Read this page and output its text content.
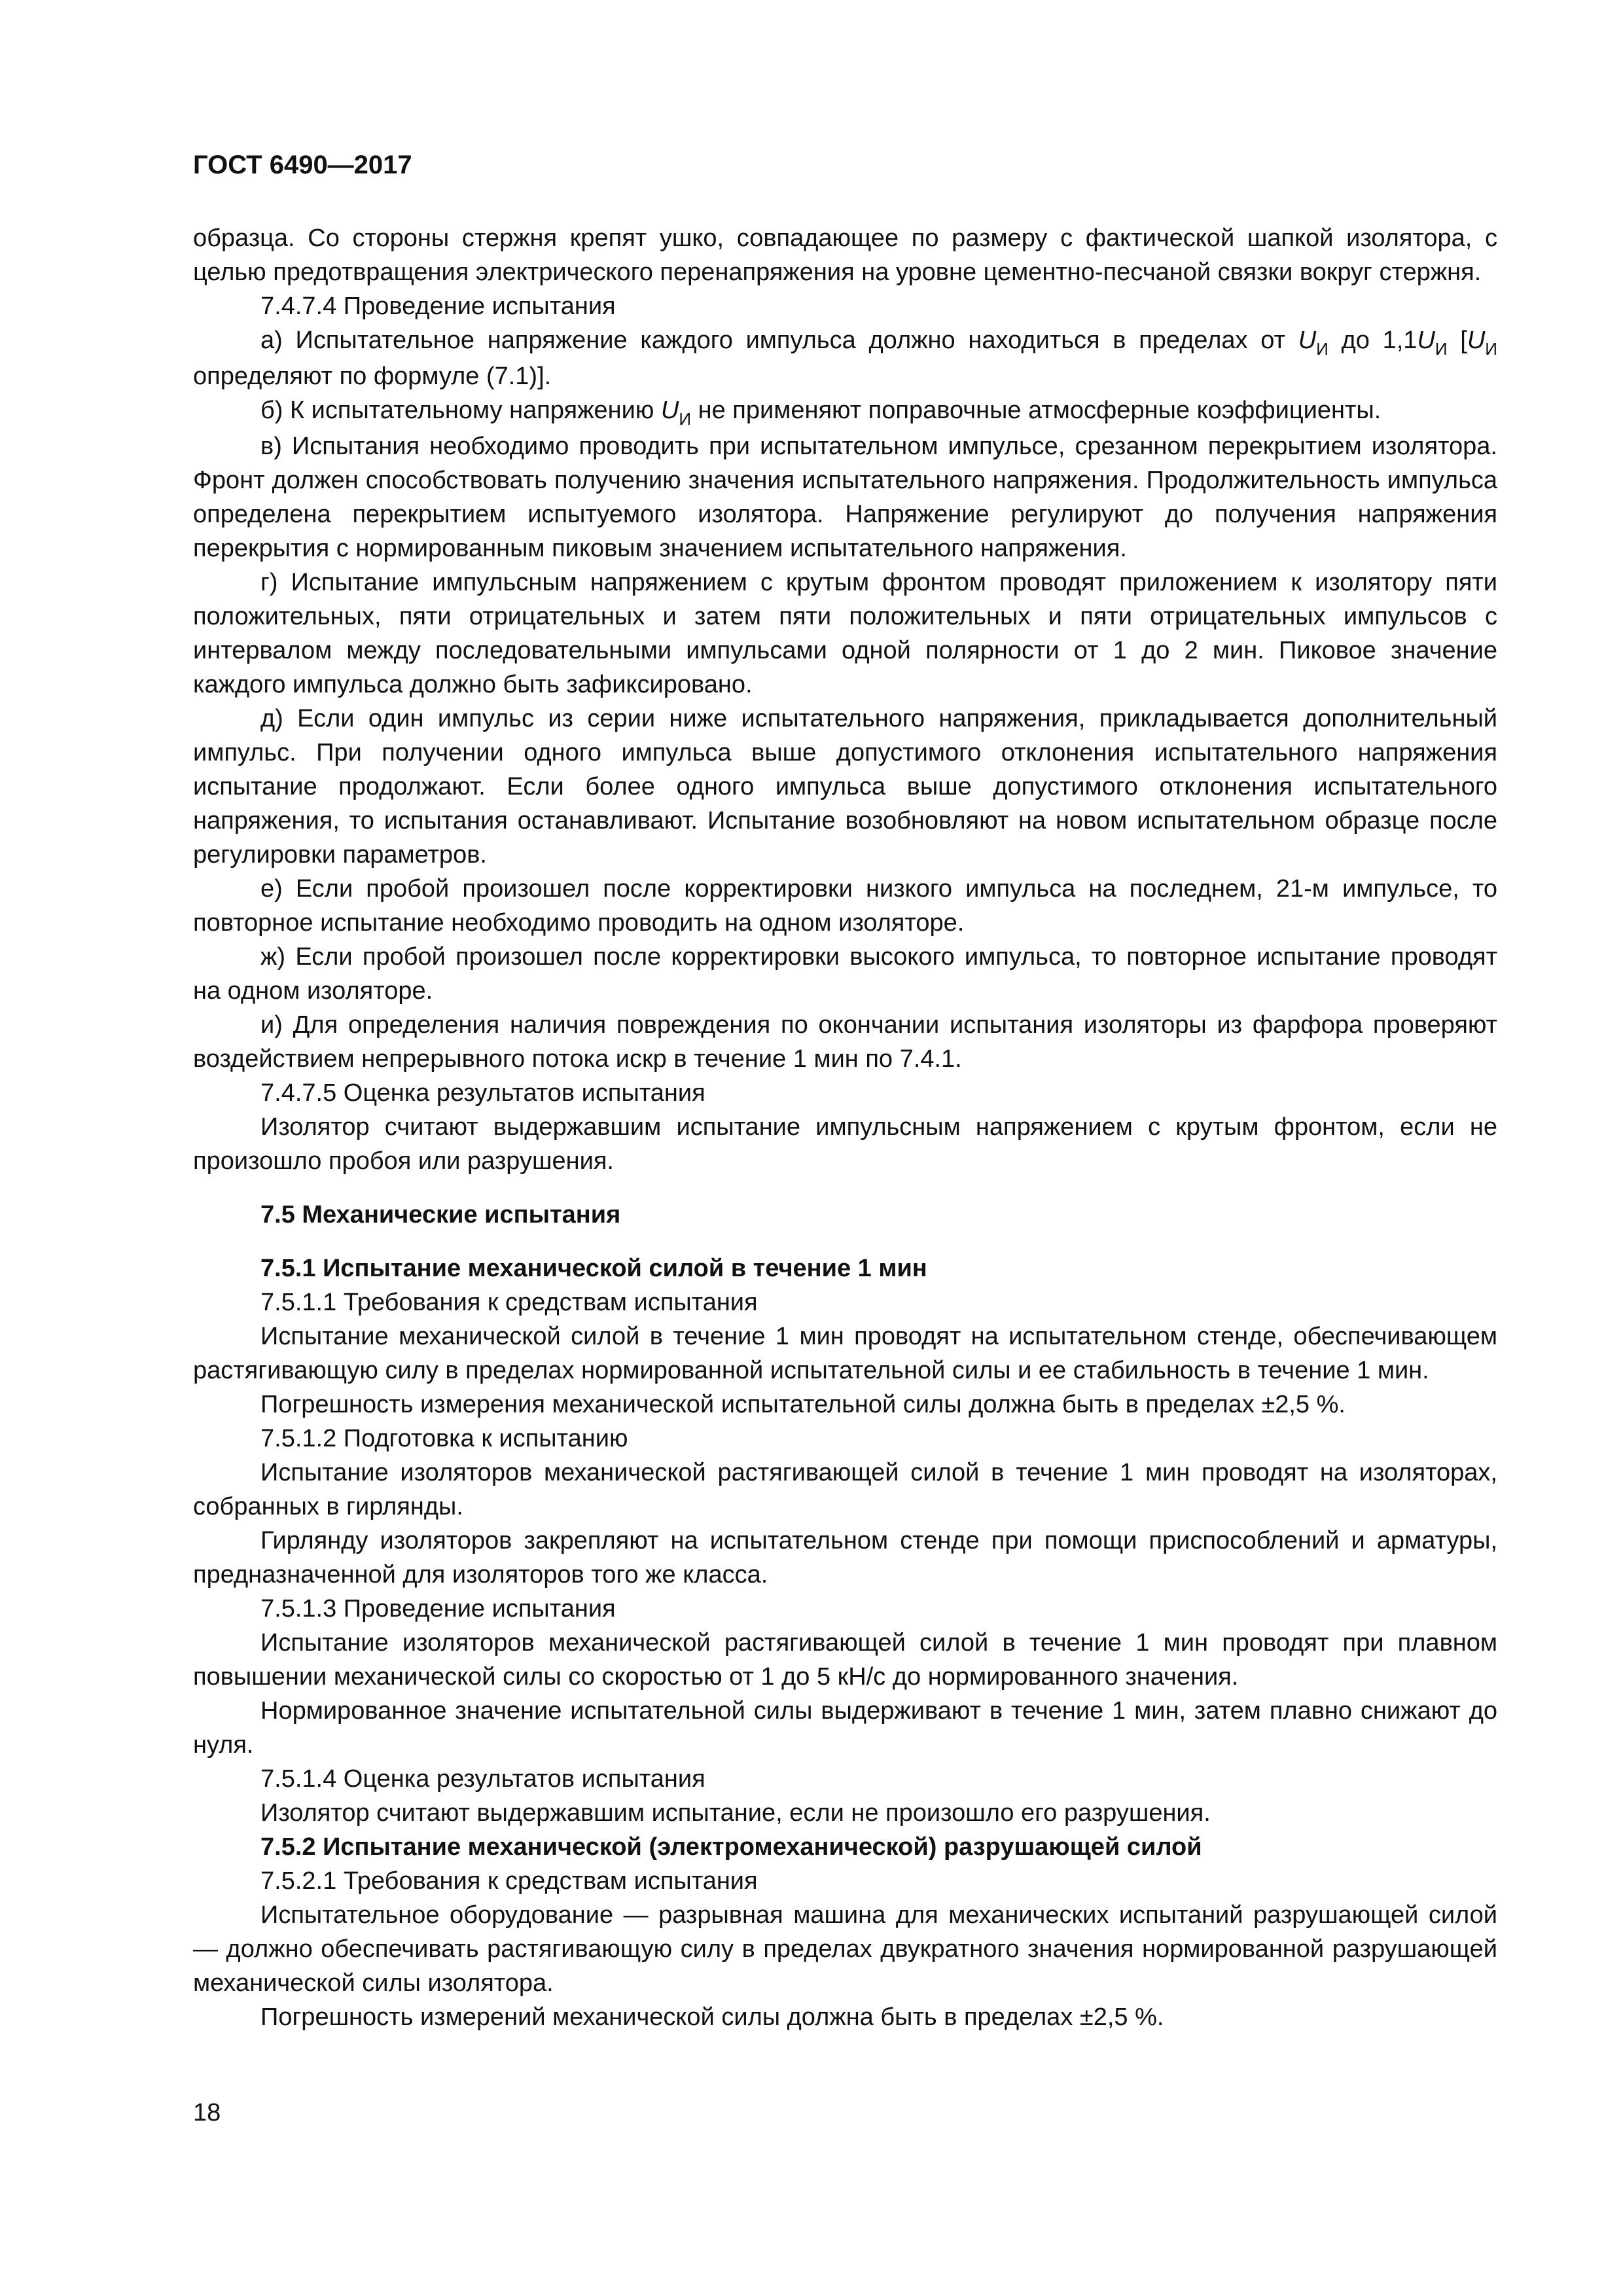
ГОСТ 6490—2017

образца. Со стороны стержня крепят ушко, совпадающее по размеру с фактической шапкой изолятора, с целью предотвращения электрического перенапряжения на уровне цементно-песчаной связки вокруг стержня.

7.4.7.4 Проведение испытания

а) Испытательное напряжение каждого импульса должно находиться в пределах от $U_И$ до $1,1U_И$ [$U_И$ определяют по формуле (7.1)].

б) К испытательному напряжению $U_И$ не применяют поправочные атмосферные коэффициенты.

в) Испытания необходимо проводить при испытательном импульсе, срезанном перекрытием изолятора. Фронт должен способствовать получению значения испытательного напряжения. Продолжительность импульса определена перекрытием испытуемого изолятора. Напряжение регулируют до получения напряжения перекрытия с нормированным пиковым значением испытательного напряжения.

г) Испытание импульсным напряжением с крутым фронтом проводят приложением к изолятору пяти положительных, пяти отрицательных и затем пяти положительных и пяти отрицательных импульсов с интервалом между последовательными импульсами одной полярности от 1 до 2 мин. Пиковое значение каждого импульса должно быть зафиксировано.

д) Если один импульс из серии ниже испытательного напряжения, прикладывается дополнительный импульс. При получении одного импульса выше допустимого отклонения испытательного напряжения испытание продолжают. Если более одного импульса выше допустимого отклонения испытательного напряжения, то испытания останавливают. Испытание возобновляют на новом испытательном образце после регулировки параметров.

е) Если пробой произошел после корректировки низкого импульса на последнем, 21-м импульсе, то повторное испытание необходимо проводить на одном изоляторе.

ж) Если пробой произошел после корректировки высокого импульса, то повторное испытание проводят на одном изоляторе.

и) Для определения наличия повреждения по окончании испытания изоляторы из фарфора проверяют воздействием непрерывного потока искр в течение 1 мин по 7.4.1.

7.4.7.5 Оценка результатов испытания

Изолятор считают выдержавшим испытание импульсным напряжением с крутым фронтом, если не произошло пробоя или разрушения.

7.5 Механические испытания

7.5.1 Испытание механической силой в течение 1 мин

7.5.1.1 Требования к средствам испытания

Испытание механической силой в течение 1 мин проводят на испытательном стенде, обеспечивающем растягивающую силу в пределах нормированной испытательной силы и ее стабильность в течение 1 мин.

Погрешность измерения механической испытательной силы должна быть в пределах ±2,5 %.

7.5.1.2 Подготовка к испытанию

Испытание изоляторов механической растягивающей силой в течение 1 мин проводят на изоляторах, собранных в гирлянды.

Гирлянду изоляторов закрепляют на испытательном стенде при помощи приспособлений и арматуры, предназначенной для изоляторов того же класса.

7.5.1.3 Проведение испытания

Испытание изоляторов механической растягивающей силой в течение 1 мин проводят при плавном повышении механической силы со скоростью от 1 до 5 кН/с до нормированного значения.

Нормированное значение испытательной силы выдерживают в течение 1 мин, затем плавно снижают до нуля.

7.5.1.4 Оценка результатов испытания

Изолятор считают выдержавшим испытание, если не произошло его разрушения.

7.5.2 Испытание механической (электромеханической) разрушающей силой

7.5.2.1 Требования к средствам испытания

Испытательное оборудование — разрывная машина для механических испытаний разрушающей силой — должно обеспечивать растягивающую силу в пределах двукратного значения нормированной разрушающей механической силы изолятора.

Погрешность измерений механической силы должна быть в пределах ±2,5 %.

18
